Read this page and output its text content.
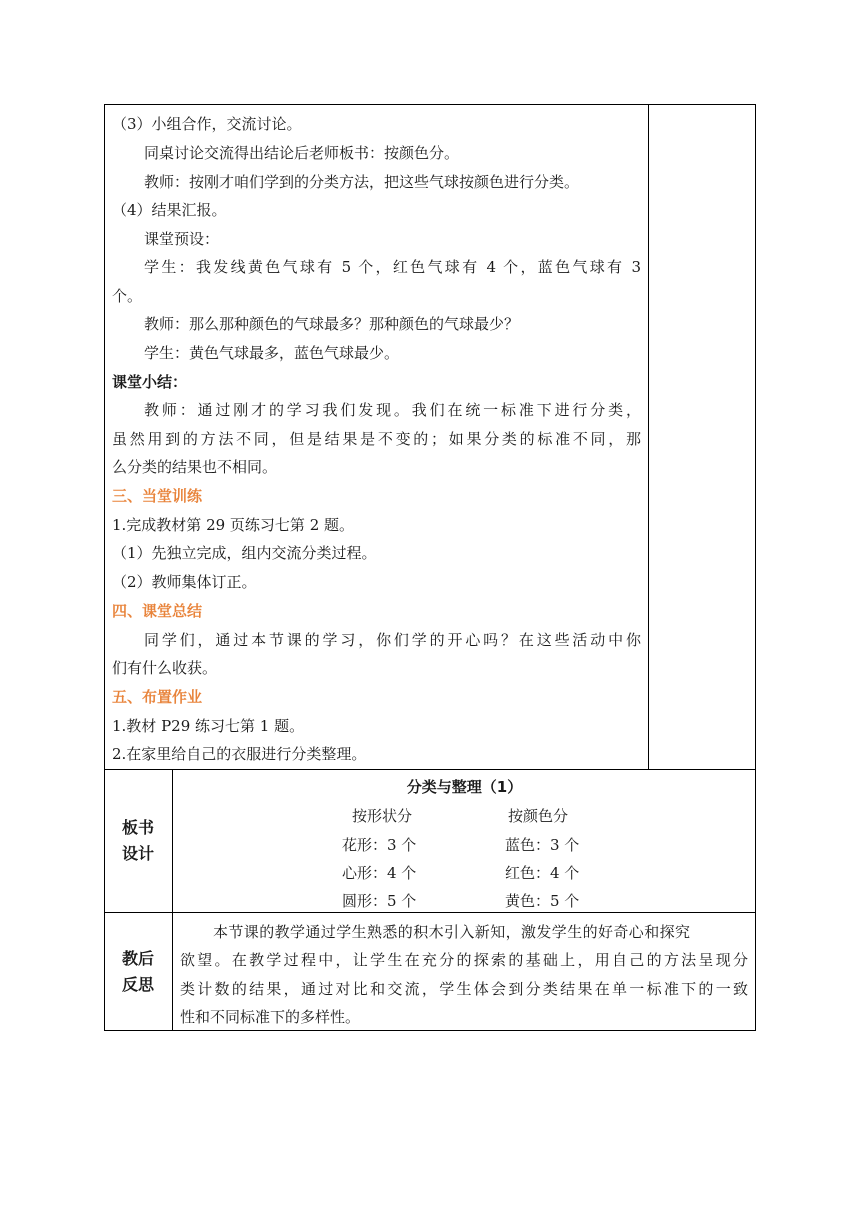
（3）小组合作，交流讨论。
同桌讨论交流得出结论后老师板书：按颜色分。
教师：按刚才咱们学到的分类方法，把这些气球按颜色进行分类。
（4）结果汇报。
课堂预设：
学生：我发线黄色气球有 5 个，红色气球有 4 个，蓝色气球有 3
个。
教师：那么那种颜色的气球最多？那种颜色的气球最少？
学生：黄色气球最多，蓝色气球最少。
课堂小结：
教师：通过刚才的学习我们发现。我们在统一标准下进行分类，
虽然用到的方法不同，但是结果是不变的；如果分类的标准不同，那
么分类的结果也不相同。
三、当堂训练
1.完成教材第 29 页练习七第 2 题。
（1）先独立完成，组内交流分类过程。
（2）教师集体订正。
四、课堂总结
同学们，通过本节课的学习，你们学的开心吗？在这些活动中你
们有什么收获。
五、布置作业
1.教材 P29 练习七第 1 题。
2.在家里给自己的衣服进行分类整理。
板书
设计
分类与整理（1）
按形状分	按颜色分
花形：3 个
心形：4 个
圆形：5 个
蓝色：3 个
红色：4 个
黄色：5 个
教后
反思
本节课的教学通过学生熟悉的积木引入新知，激发学生的好奇心和探究
欲望。在教学过程中，让学生在充分的探索的基础上，用自己的方法呈现分
类计数的结果，通过对比和交流，学生体会到分类结果在单一标准下的一致
性和不同标准下的多样性。
